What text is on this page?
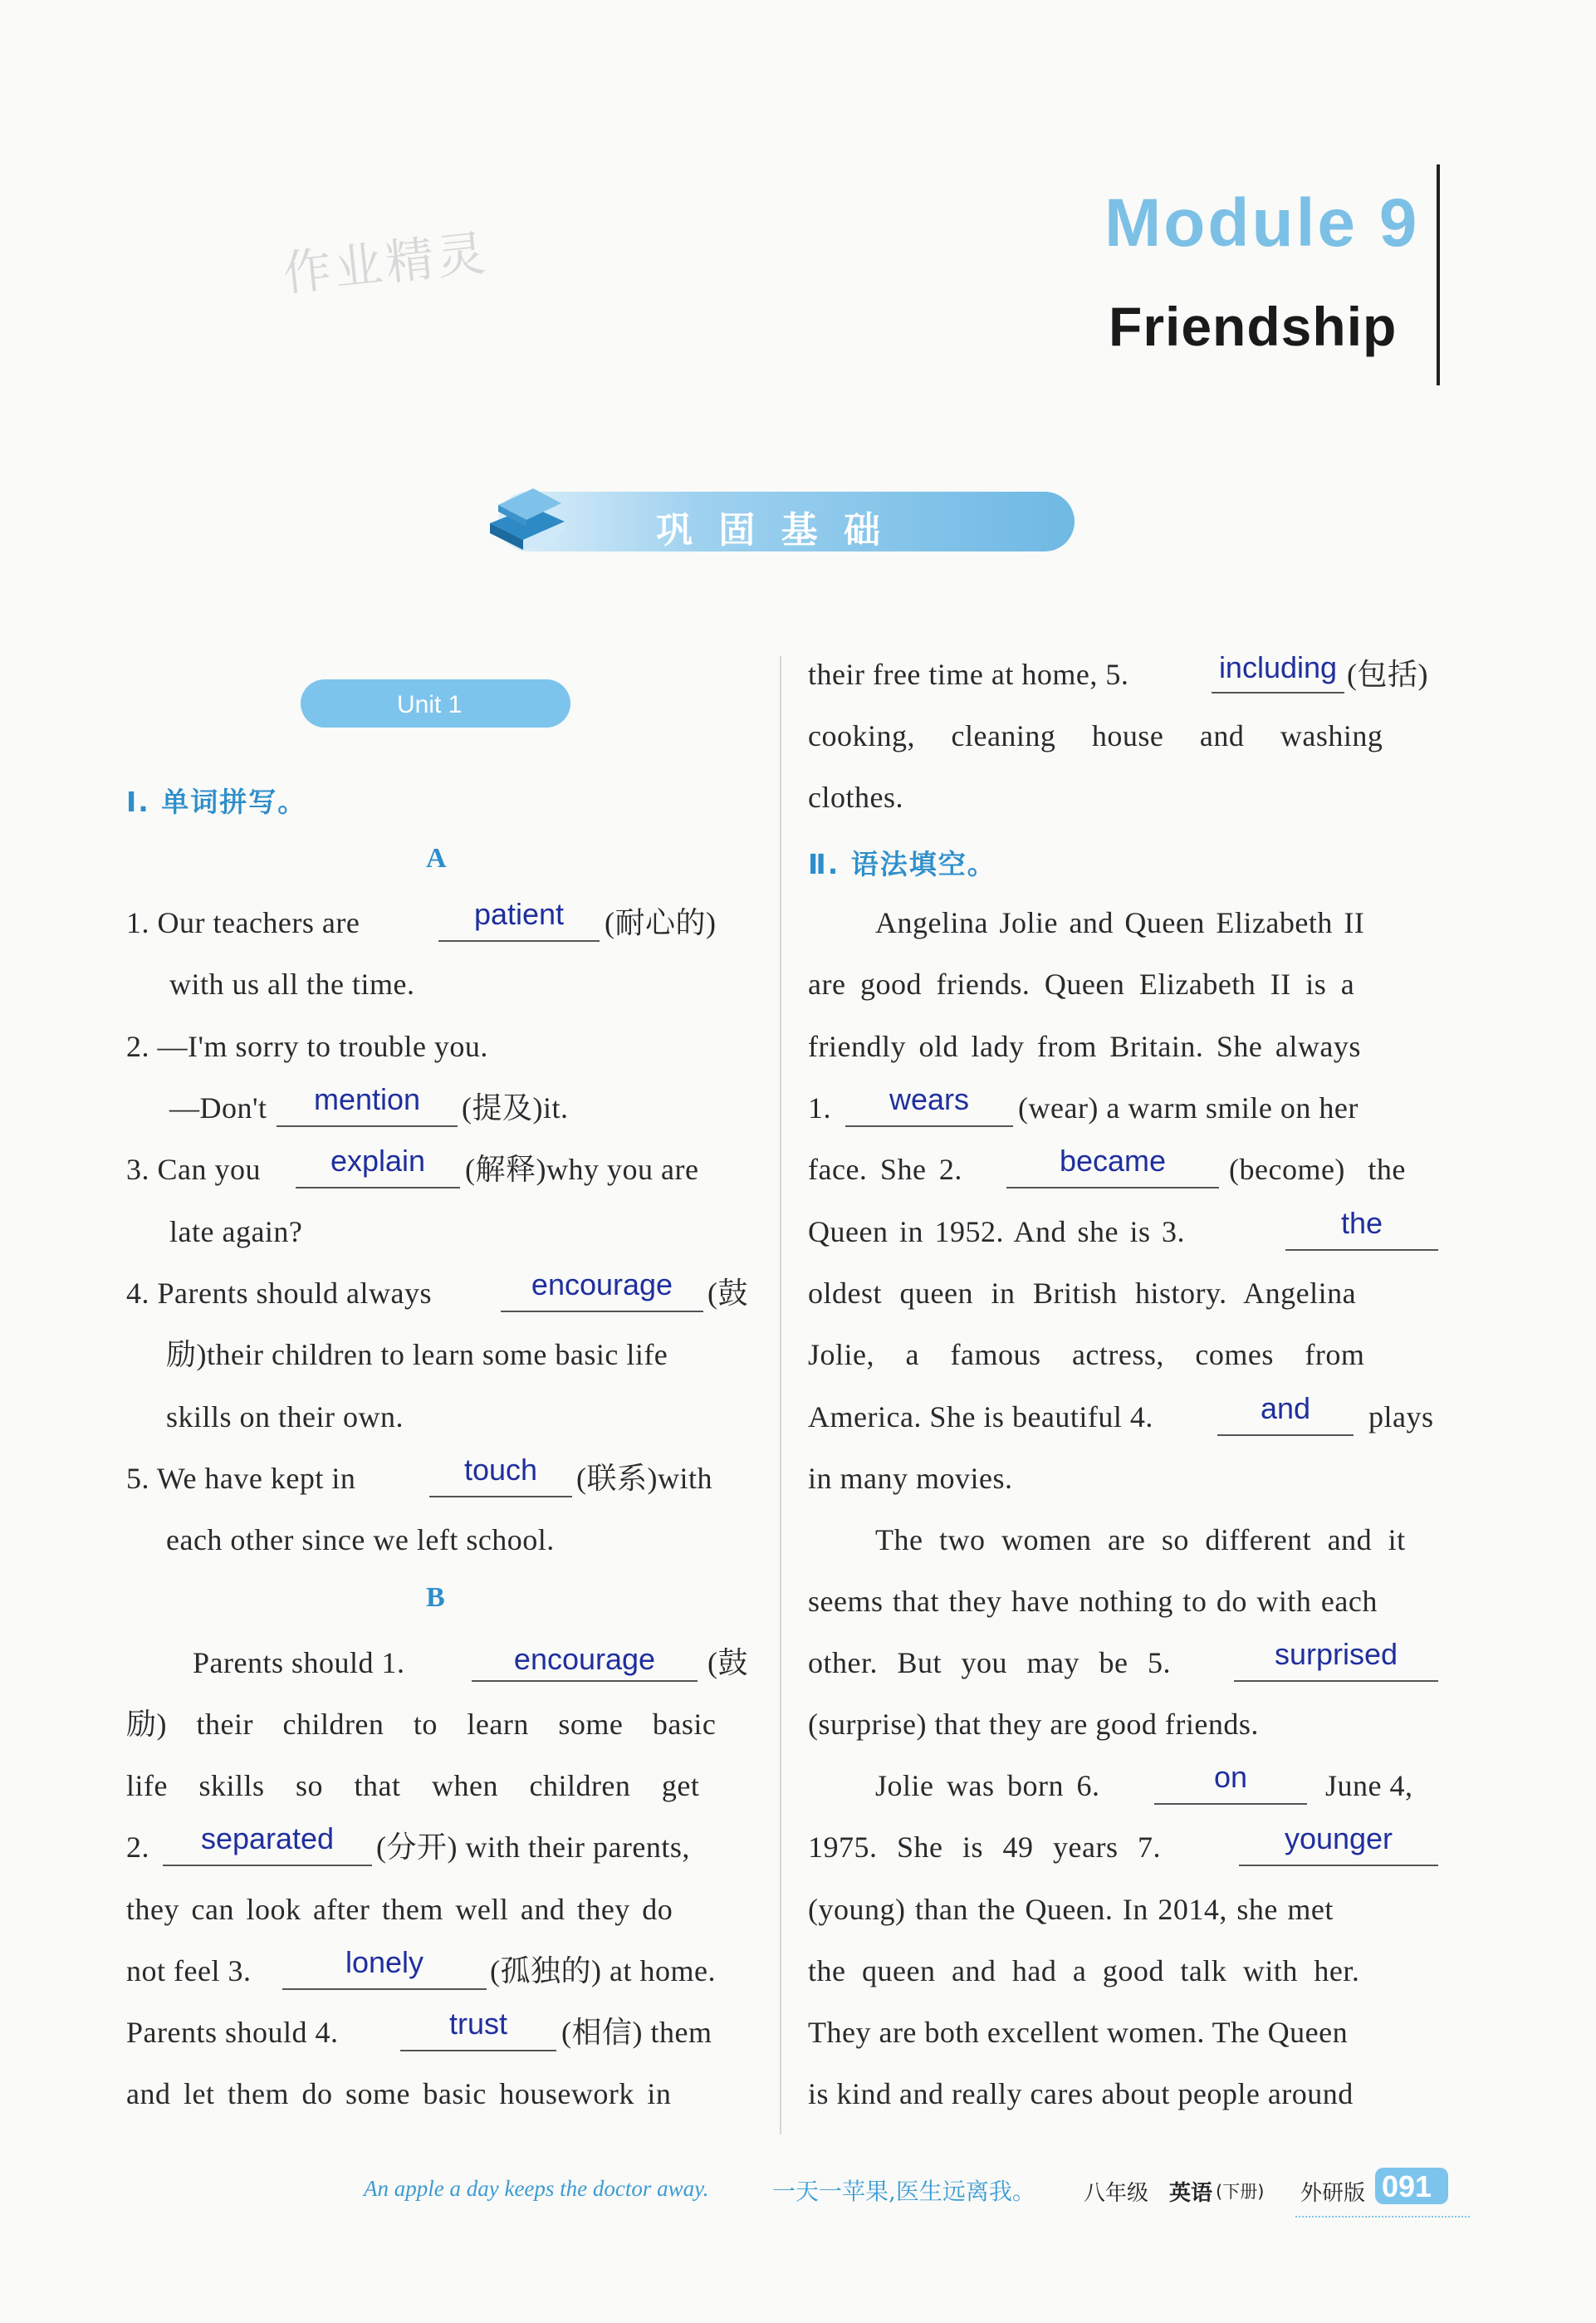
Module 9
Friendship
作业精灵
巩 固 基 础
Unit 1
Ⅰ. 单词拼写。
A
1. Our teachers are	patient	(耐心的)
with us all the time.
2. —I'm sorry to trouble you.
—Don't	mention	(提及)it.
3. Can you	explain	(解释)why you are
late again?
4. Parents should always	encourage	(鼓
励)their children to learn some basic life
skills on their own.
5. We have kept in	touch	(联系)with
each other since we left school.
B
Parents should 1.	encourage	(鼓
励) their children to learn some basic
life skills so that when children get
2.	separated	(分开) with their parents,
they can look after them well and they do
not feel 3.	lonely	(孤独的) at home.
Parents should 4.	trust	(相信) them
and let them do some basic housework in
their free time at home, 5.	including (包括)
cooking, cleaning house and washing
clothes.
Ⅱ. 语法填空。
Angelina Jolie and Queen Elizabeth II
are good friends. Queen Elizabeth II is a
friendly old lady from Britain. She always
1.	wears	(wear) a warm smile on her
face. She 2.	became	(become) the
Queen in 1952. And she is 3.	the
oldest queen in British history. Angelina
Jolie, a famous actress, comes from
America. She is beautiful 4.	and	plays
in many movies.
The two women are so different and it
seems that they have nothing to do with each
other. But you may be 5.	surprised
(surprise) that they are good friends.
Jolie was born 6.	on	June 4,
1975. She is 49 years 7.	younger
(young) than the Queen. In 2014, she met
the queen and had a good talk with her.
They are both excellent women. The Queen
is kind and really cares about people around
An apple a day keeps the doctor away.	一天一苹果,医生远离我。 八年级 英语 (下册) 外研版 091
